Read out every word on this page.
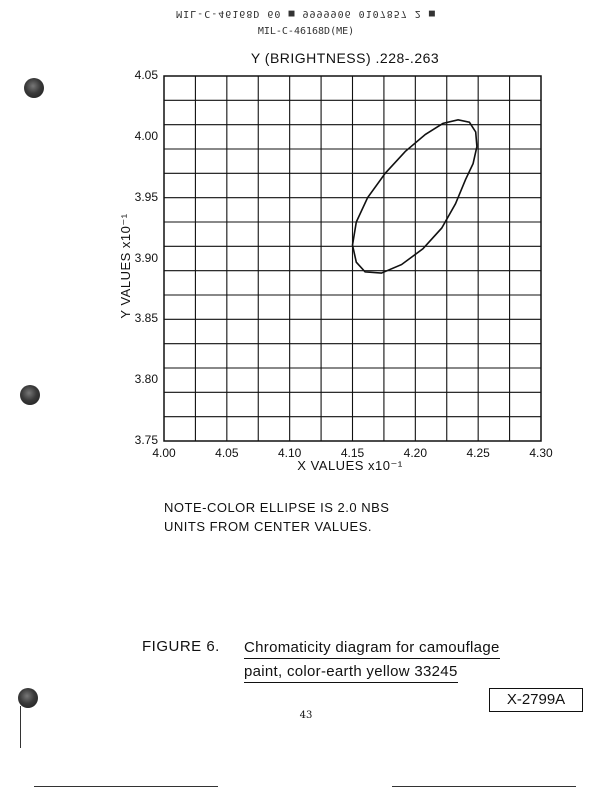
MIL-C-46168D 60 ■ 9999906 0107857 2 ■
MIL-C-46168D(ME)
Y (BRIGHTNESS) .228-.263
4.05
4.00
3.95
3.90
3.85
3.80
3.75
4.00	4.05	4.10	4.15	4.20	4.25	4.30
Y VALUES x10⁻¹
X VALUES x10⁻¹
NOTE-COLOR ELLIPSE IS 2.0 NBS
UNITS FROM CENTER VALUES.
FIGURE 6. Chromaticity diagram for camouflage
paint, color-earth yellow 33245
X-2799A
43
